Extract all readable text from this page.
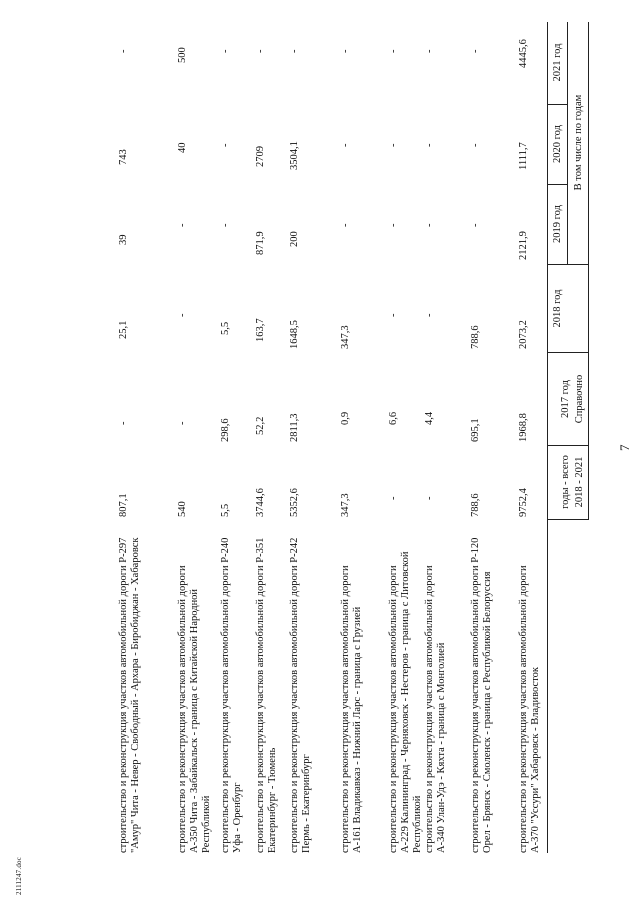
7
2111247.doc
2018 - 2021
годы - всего
Справочно
2017 год
2018 год
В том числе по годам
2019 год
2020 год
2021 год
строительство и реконструкция участков автомобильной дороги А-370 "Уссури" Хабаровск - Владивосток
9752,4
1968,8
2073,2
2121,9
1111,7
4445,6
строительство и реконструкция участков автомобильной дороги Р-120 Орел - Брянск - Смоленск - граница с Республикой Белоруссия
788,6
695,1
788,6
-
-
-
строительство и реконструкция участков автомобильной дороги А-340 Улан-Удэ - Кяхта - граница с Монголией
-
4,4
-
-
-
-
строительство и реконструкция участков автомобильной дороги А-229 Калининград - Черняховск - Нестеров - граница с Литовской Республикой
-
6,6
-
-
-
-
строительство и реконструкция участков автомобильной дороги А-161 Владикавказ - Нижний Ларс - граница с Грузией
347,3
0,9
347,3
-
-
-
строительство и реконструкция участков автомобильной дороги Р-242 Пермь - Екатеринбург
5352,6
2811,3
1648,5
200
3504,1
-
строительство и реконструкция участков автомобильной дороги Р-351 Екатеринбург - Тюмень
3744,6
52,2
163,7
871,9
2709
-
строительство и реконструкция участков автомобильной дороги Р-240 Уфа - Оренбург
5,5
298,6
5,5
-
-
-
строительство и реконструкция участков автомобильной дороги А-350 Чита - Забайкальск - граница с Китайской Народной Республикой
540
-
-
-
40
500
строительство и реконструкция участков автомобильной дороги Р-297 "Амур" Чита - Невер - Свободный - Архара - Биробиджан - Хабаровск
807,1
-
25,1
39
743
-
